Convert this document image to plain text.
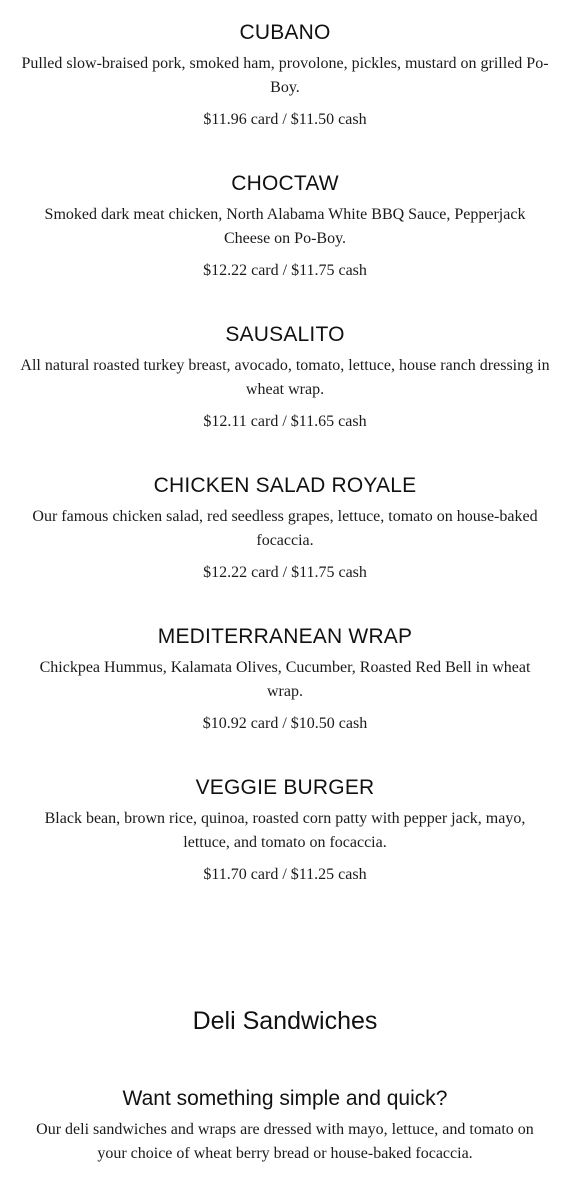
CUBANO

Pulled slow-braised pork, smoked ham, provolone, pickles, mustard on grilled Po-Boy.

$11.96 card / $11.50 cash

CHOCTAW

Smoked dark meat chicken, North Alabama White BBQ Sauce, Pepperjack Cheese on Po-Boy.

$12.22 card / $11.75 cash

SAUSALITO

All natural roasted turkey breast, avocado, tomato, lettuce, house ranch dressing in wheat wrap.

$12.11 card / $11.65 cash

CHICKEN SALAD ROYALE

Our famous chicken salad, red seedless grapes, lettuce, tomato on house-baked focaccia.

$12.22 card / $11.75 cash

MEDITERRANEAN WRAP

Chickpea Hummus, Kalamata Olives, Cucumber, Roasted Red Bell in wheat wrap.

$10.92 card / $10.50 cash

VEGGIE BURGER

Black bean, brown rice, quinoa, roasted corn patty with pepper jack, mayo, lettuce, and tomato on focaccia.

$11.70 card / $11.25 cash

Deli Sandwiches
Want something simple and quick?

Our deli sandwiches and wraps are dressed with mayo, lettuce, and tomato on your choice of wheat berry bread or house-baked focaccia.
